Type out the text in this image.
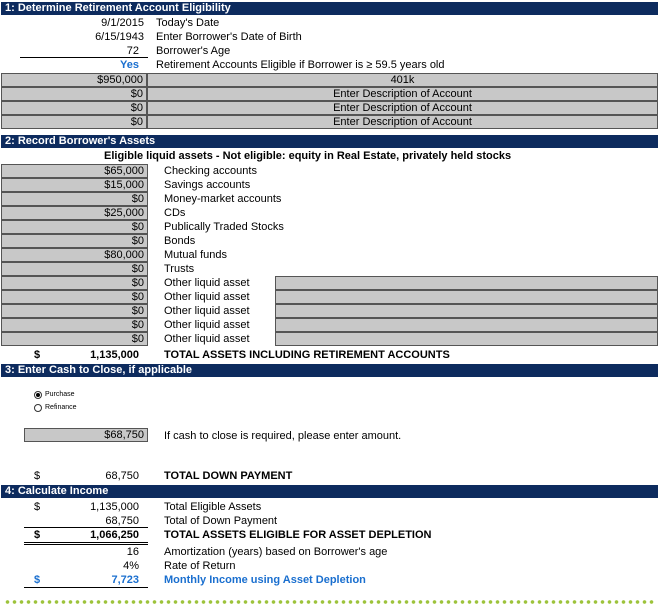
1: Determine Retirement Account Eligibility
9/1/2015 Today's Date
6/15/1943 Enter Borrower's Date of Birth
72 Borrower's Age
Yes Retirement Accounts Eligible if Borrower is ≥ 59.5 years old
$950,000	401k
$0	Enter Description of Account
$0	Enter Description of Account
$0	Enter Description of Account
2: Record Borrower's Assets
Eligible liquid assets - Not eligible: equity in Real Estate, privately held stocks
$65,000	Checking accounts
$15,000	Savings accounts
$0	Money-market accounts
$25,000	CDs
$0	Publically Traded Stocks
$0	Bonds
$80,000	Mutual funds
$0	Trusts
$0	Other liquid asset
$0	Other liquid asset
$0	Other liquid asset
$0	Other liquid asset
$0	Other liquid asset
$	1,135,000 TOTAL ASSETS INCLUDING RETIREMENT ACCOUNTS
3: Enter Cash to Close, if applicable
Purchase
Refinance
$68,750	If cash to close is required, please enter amount.
$	68,750 TOTAL DOWN PAYMENT
4: Calculate Income
$	1,135,000 Total Eligible Assets
68,750 Total of Down Payment
$	1,066,250 TOTAL ASSETS ELIGIBLE FOR ASSET DEPLETION
16 Amortization (years) based on Borrower's age
4% Rate of Return
$	7,723 Monthly Income using Asset Depletion
